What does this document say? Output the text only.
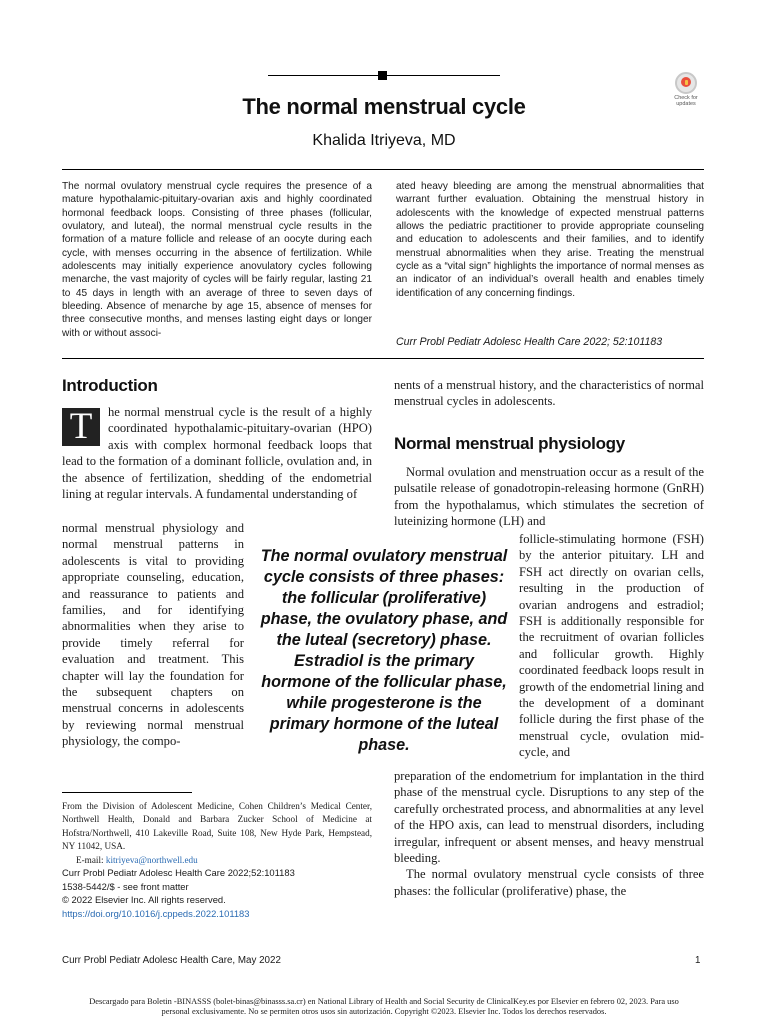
Check for updates
The normal menstrual cycle
Khalida Itriyeva, MD

The normal ovulatory menstrual cycle requires the presence of a mature hypothalamic-pituitary-ovarian axis and highly coordinated hormonal feedback loops. Consisting of three phases (follicular, ovulatory, and luteal), the normal menstrual cycle results in the formation of a mature follicle and release of an oocyte during each cycle, with menses occurring in the absence of fertilization. While adolescents may initially experience anovulatory cycles following menarche, the vast majority of cycles will be fairly regular, lasting 21 to 45 days in length with an average of three to seven days of bleeding. Absence of menarche by age 15, absence of menses for three consecutive months, and menses lasting eight days or longer with or without associ-

ated heavy bleeding are among the menstrual abnormalities that warrant further evaluation. Obtaining the menstrual history in adolescents with the knowledge of expected menstrual patterns allows the pediatric practitioner to provide appropriate counseling and education to adolescents and their families, and to identify menstrual abnormalities when they arise. Treating the menstrual cycle as a “vital sign” highlights the importance of normal menses as an indicator of an individual’s overall health and enables timely identification of any concerning findings.

Curr Probl Pediatr Adolesc Health Care 2022; 52:101183
Introduction
T	he normal menstrual cycle is the result of a highly coordinated hypothalamic-pituitary-ovarian (HPO) axis with complex hormonal feedback loops that lead to the formation of a dominant follicle, ovulation and, in the absence of fertilization, shedding of the endometrial lining at regular intervals. A fundamental understanding of

normal menstrual physiology and normal menstrual patterns in adolescents is vital to providing appropriate counseling, education, and reassurance to patients and families, and for identifying abnormalities when they arise to provide timely referral for evaluation and treatment. This chapter will lay the foundation for the subsequent chapters on menstrual concerns in adolescents by reviewing normal menstrual physiology, the compo-

nents of a menstrual history, and the characteristics of normal menstrual cycles in adolescents.

Normal menstrual physiology

Normal ovulation and menstruation occur as a result of the pulsatile release of gonadotropin-releasing hormone (GnRH) from the hypothalamus, which stimulates the secretion of luteinizing hormone (LH) and

follicle-stimulating hormone (FSH) by the anterior pituitary. LH and FSH act directly on ovarian cells, resulting in the production of ovarian androgens and estradiol; FSH is additionally responsible for the recruitment of ovarian follicles and follicular growth. Highly coordinated feedback loops result in growth of the endometrial lining and the development of a dominant follicle during the first phase of the menstrual cycle, ovulation mid-cycle, and

preparation of the endometrium for implantation in the third phase of the menstrual cycle. Disruptions to any step of the carefully orchestrated process, and abnormalities at any level of the HPO axis, can lead to menstrual disorders, including irregular, infrequent or absent menses, and heavy menstrual bleeding.

The normal ovulatory menstrual cycle consists of three phases: the follicular (proliferative) phase, the

The normal ovulatory menstrual cycle consists of three phases: the follicular (proliferative) phase, the ovulatory phase, and the luteal (secretory) phase. Estradiol is the primary hormone of the follicular phase, while progesterone is the primary hormone of the luteal phase.

From the Division of Adolescent Medicine, Cohen Children’s Medical Center, Northwell Health, Donald and Barbara Zucker School of Medicine at Hofstra/Northwell, 410 Lakeville Road, Suite 108, New Hyde Park, Hempstead, NY 11042, USA.

E-mail: kitriyeva@northwell.edu

Curr Probl Pediatr Adolesc Health Care 2022;52:101183
1538-5442/$ - see front matter
© 2022 Elsevier Inc. All rights reserved.
https://doi.org/10.1016/j.cppeds.2022.101183
Curr Probl Pediatr Adolesc Health Care, May 2022	1

Descargado para Boletin -BINASSS (bolet-binas@binasss.sa.cr) en National Library of Health and Social Security de ClinicalKey.es por Elsevier en febrero 02, 2023. Para uso personal exclusivamente. No se permiten otros usos sin autorización. Copyright ©2023. Elsevier Inc. Todos los derechos reservados.
